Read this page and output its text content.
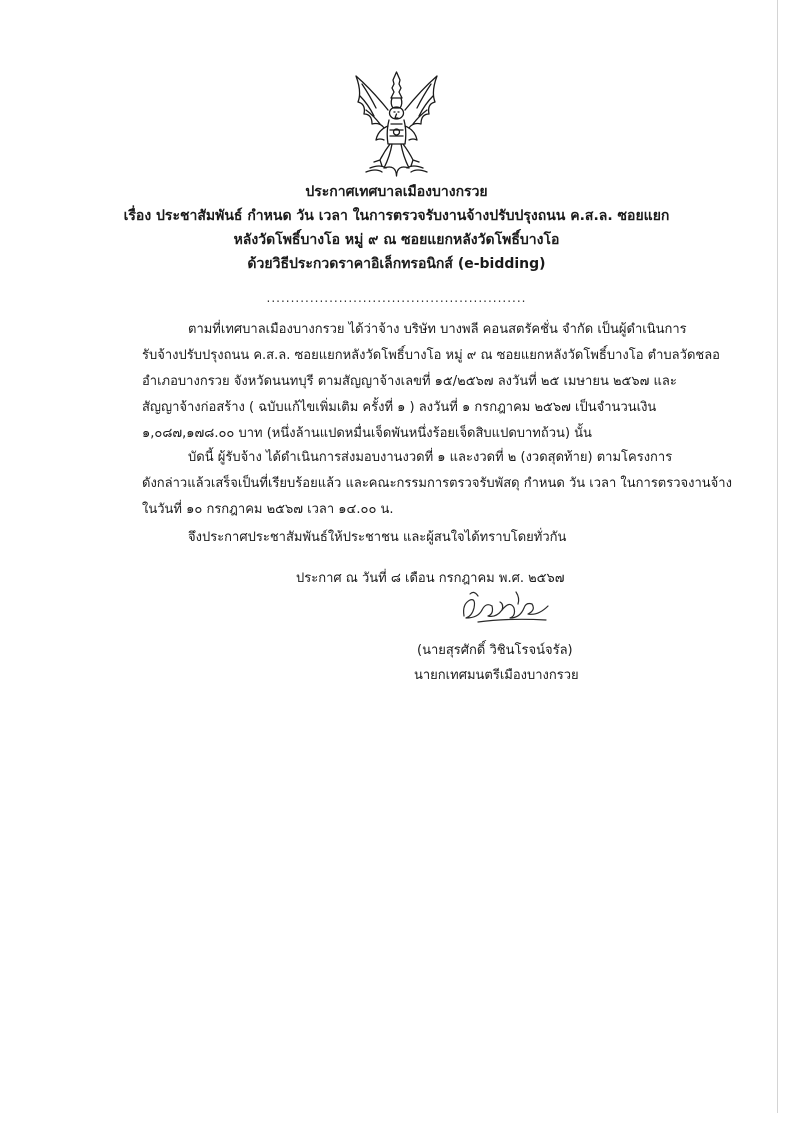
ประกาศเทศบาลเมืองบางกรวย
เรื่อง ประชาสัมพันธ์ กำหนด วัน เวลา ในการตรวจรับงานจ้างปรับปรุงถนน ค.ส.ล. ซอยแยก
หลังวัดโพธิ์บางโอ หมู่ ๙ ณ ซอยแยกหลังวัดโพธิ์บางโอ
ด้วยวิธีประกวดราคาอิเล็กทรอนิกส์ (e-bidding)
......................................................
ตามที่เทศบาลเมืองบางกรวย ได้ว่าจ้าง บริษัท บางพลี คอนสตรัคชั่น จำกัด เป็นผู้ดำเนินการ
รับจ้างปรับปรุงถนน ค.ส.ล. ซอยแยกหลังวัดโพธิ์บางโอ หมู่ ๙ ณ ซอยแยกหลังวัดโพธิ์บางโอ ตำบลวัดชลอ
อำเภอบางกรวย จังหวัดนนทบุรี ตามสัญญาจ้างเลขที่ ๑๕/๒๕๖๗ ลงวันที่ ๒๕ เมษายน ๒๕๖๗ และ
สัญญาจ้างก่อสร้าง ( ฉบับแก้ไขเพิ่มเติม ครั้งที่ ๑ ) ลงวันที่ ๑ กรกฎาคม ๒๕๖๗ เป็นจำนวนเงิน
๑,๐๘๗,๑๗๘.๐๐ บาท (หนึ่งล้านแปดหมื่นเจ็ดพันหนึ่งร้อยเจ็ดสิบแปดบาทถ้วน) นั้น
บัดนี้ ผู้รับจ้าง ได้ดำเนินการส่งมอบงานงวดที่ ๑ และงวดที่ ๒ (งวดสุดท้าย) ตามโครงการ
ดังกล่าวแล้วเสร็จเป็นที่เรียบร้อยแล้ว และคณะกรรมการตรวจรับพัสดุ กำหนด วัน เวลา ในการตรวจงานจ้าง
ในวันที่ ๑๐ กรกฎาคม ๒๕๖๗ เวลา ๑๔.๐๐ น.
จึงประกาศประชาสัมพันธ์ให้ประชาชน และผู้สนใจได้ทราบโดยทั่วกัน
ประกาศ ณ วันที่ ๘ เดือน กรกฎาคม พ.ศ. ๒๕๖๗
(นายสุรศักดิ์ วิชินโรจน์จรัล)
นายกเทศมนตรีเมืองบางกรวย
